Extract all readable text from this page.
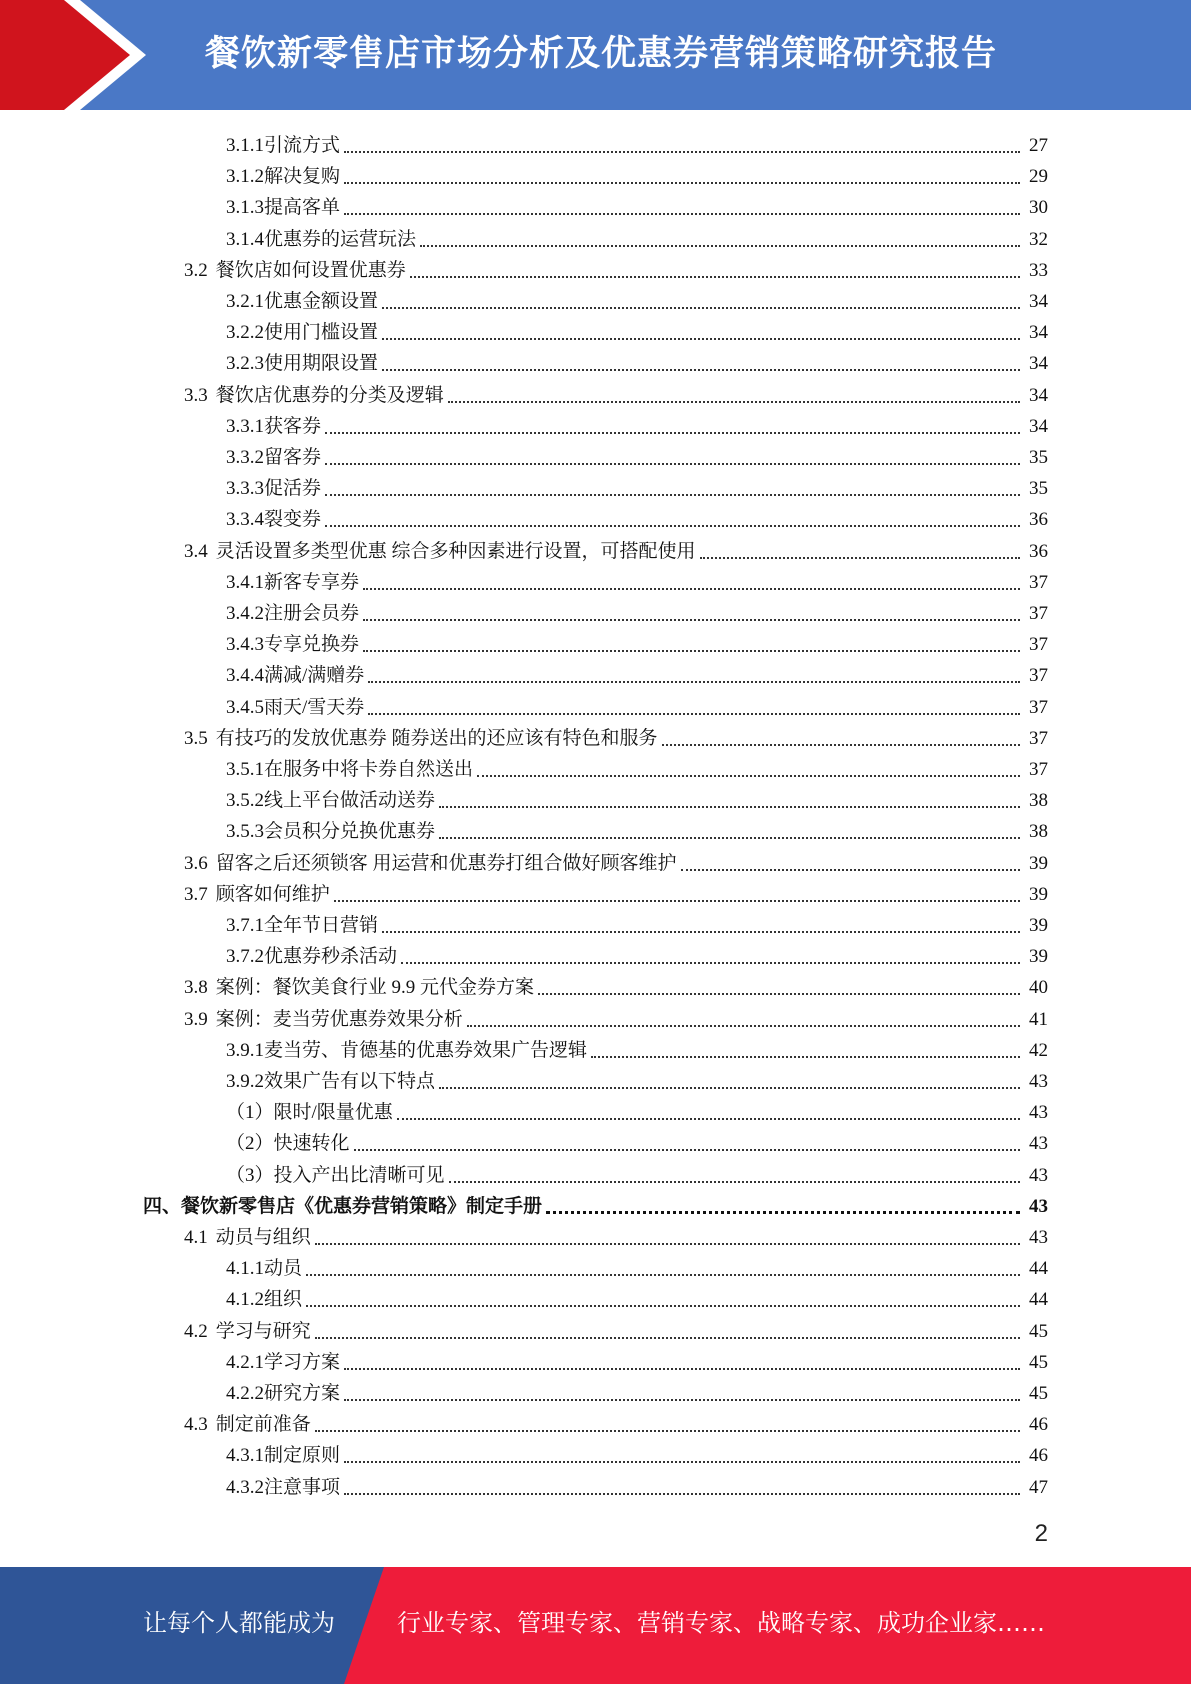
餐饮新零售店市场分析及优惠券营销策略研究报告
3.1.1 引流方式	27
3.1.2 解决复购	29
3.1.3 提高客单	30
3.1.4 优惠券的运营玩法	32
3.2 餐饮店如何设置优惠券	33
3.2.1 优惠金额设置	34
3.2.2 使用门槛设置	34
3.2.3 使用期限设置	34
3.3 餐饮店优惠券的分类及逻辑	34
3.3.1 获客券	34
3.3.2 留客券	35
3.3.3 促活券	35
3.3.4 裂变券	36
3.4 灵活设置多类型优惠 综合多种因素进行设置，可搭配使用	36
3.4.1 新客专享券	37
3.4.2 注册会员券	37
3.4.3 专享兑换券	37
3.4.4 满减/满赠券	37
3.4.5 雨天/雪天券	37
3.5 有技巧的发放优惠券 随券送出的还应该有特色和服务	37
3.5.1 在服务中将卡券自然送出	37
3.5.2 线上平台做活动送券	38
3.5.3 会员积分兑换优惠券	38
3.6 留客之后还须锁客 用运营和优惠券打组合做好顾客维护	39
3.7 顾客如何维护	39
3.7.1 全年节日营销	39
3.7.2 优惠券秒杀活动	39
3.8 案例：餐饮美食行业 9.9 元代金券方案	40
3.9 案例：麦当劳优惠券效果分析	41
3.9.1 麦当劳、肯德基的优惠券效果广告逻辑	42
3.9.2 效果广告有以下特点	43
（1）限时/限量优惠	43
（2）快速转化	43
（3）投入产出比清晰可见	43
四、餐饮新零售店《优惠券营销策略》制定手册	43
4.1 动员与组织	43
4.1.1 动员	44
4.1.2 组织	44
4.2 学习与研究	45
4.2.1 学习方案	45
4.2.2 研究方案	45
4.3 制定前准备	46
4.3.1 制定原则	46
4.3.2 注意事项	47
2
让每个人都能成为	行业专家、管理专家、营销专家、战略专家、成功企业家……
